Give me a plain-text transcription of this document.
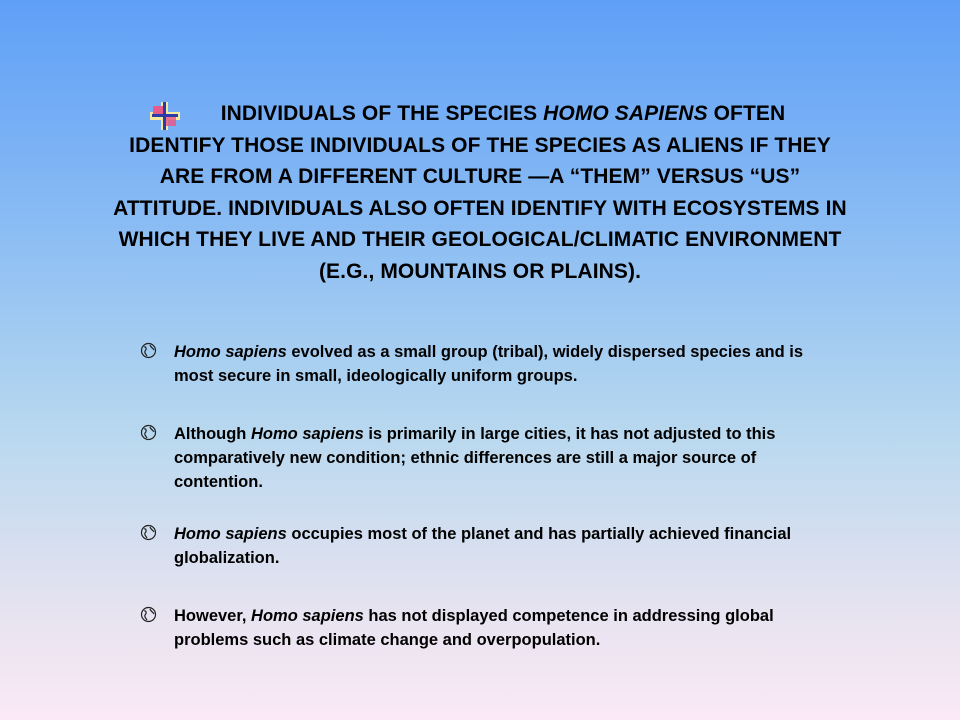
INDIVIDUALS OF THE SPECIES HOMO SAPIENS OFTEN
IDENTIFY THOSE INDIVIDUALS OF THE SPECIES AS ALIENS IF THEY ARE FROM A DIFFERENT CULTURE —A “THEM” VERSUS “US” ATTITUDE. INDIVIDUALS ALSO OFTEN IDENTIFY WITH ECOSYSTEMS IN WHICH THEY LIVE AND THEIR GEOLOGICAL/CLIMATIC ENVIRONMENT (E.G., MOUNTAINS OR PLAINS).
Homo sapiens evolved as a small group (tribal), widely dispersed species and is most secure in small, ideologically uniform groups.
Although Homo sapiens is primarily in large cities, it has not adjusted to this comparatively new condition; ethnic differences are still a major source of contention.
Homo sapiens occupies most of the planet and has partially achieved financial globalization.
However, Homo sapiens has not displayed competence in addressing global problems such as climate change and overpopulation.
